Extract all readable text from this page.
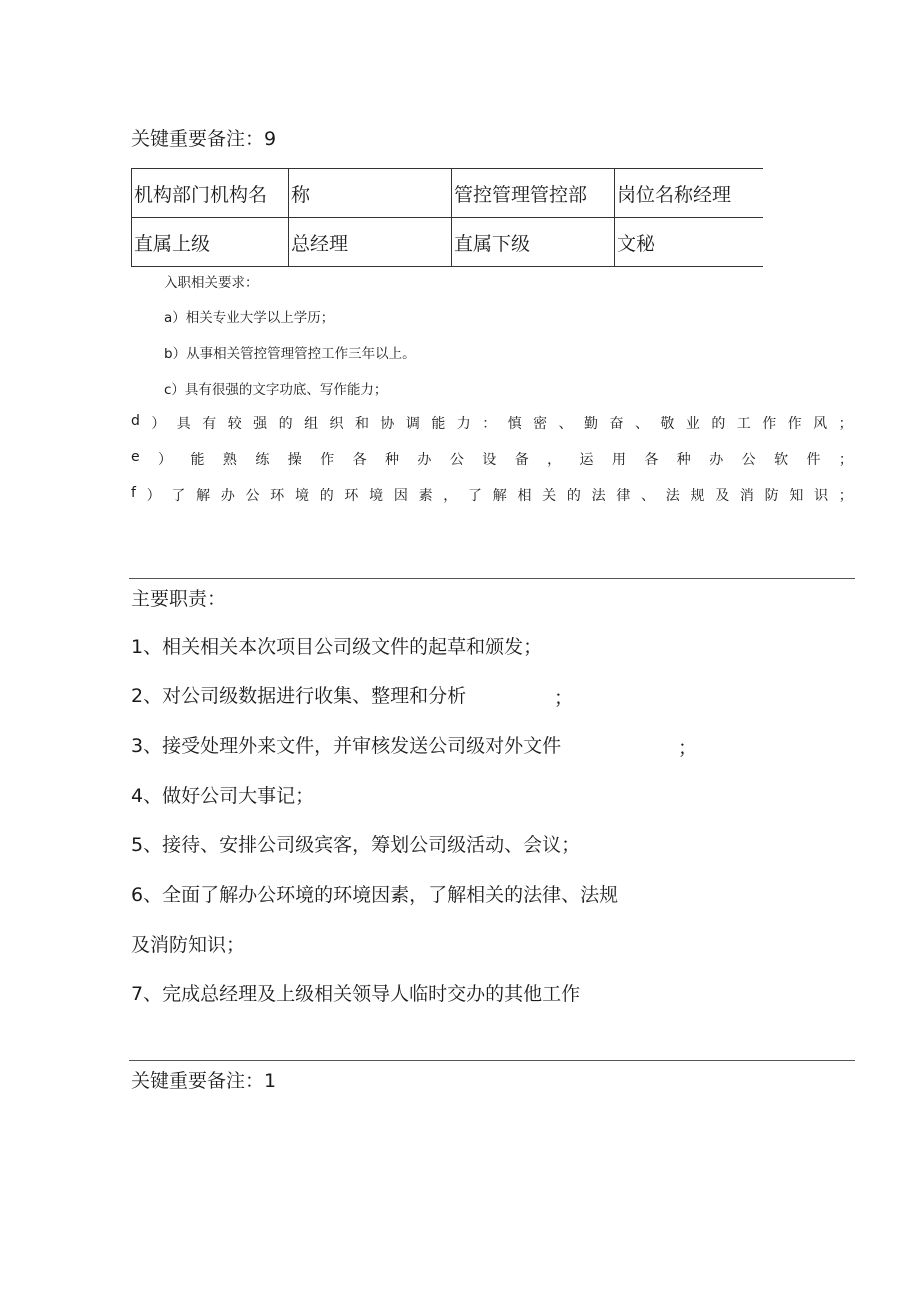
关键重要备注：9
机构部门机构名	称	管控管理管控部	岗位名称经理
直属上级	总经理	直属下级	文秘
入职相关要求：
a）相关专业大学以上学历；
b）从事相关管控管理管控工作三年以上。
c）具有很强的文字功底、写作能力；
d ） 具 有 较 强 的 组 织 和 协 调 能 力 ： 慎 密 、 勤 奋 、 敬 业 的 工 作 作 风 ；
e ） 能 熟 练 操 作 各 种 办 公 设 备 ， 运 用 各 种 办 公 软 件 ；
f ） 了 解 办 公 环 境 的 环 境 因 素 ， 了 解 相 关 的 法 律 、 法 规 及 消 防 知 识 ；
主要职责：
1、相关相关本次项目公司级文件的起草和颁发；
2、对公司级数据进行收集、整理和分析	；
3、接受处理外来文件，并审核发送公司级对外文件	；
4、做好公司大事记；
5、接待、安排公司级宾客，筹划公司级活动、会议；
6、全面了解办公环境的环境因素，了解相关的法律、法规
及消防知识；
7、完成总经理及上级相关领导人临时交办的其他工作
关键重要备注：1
